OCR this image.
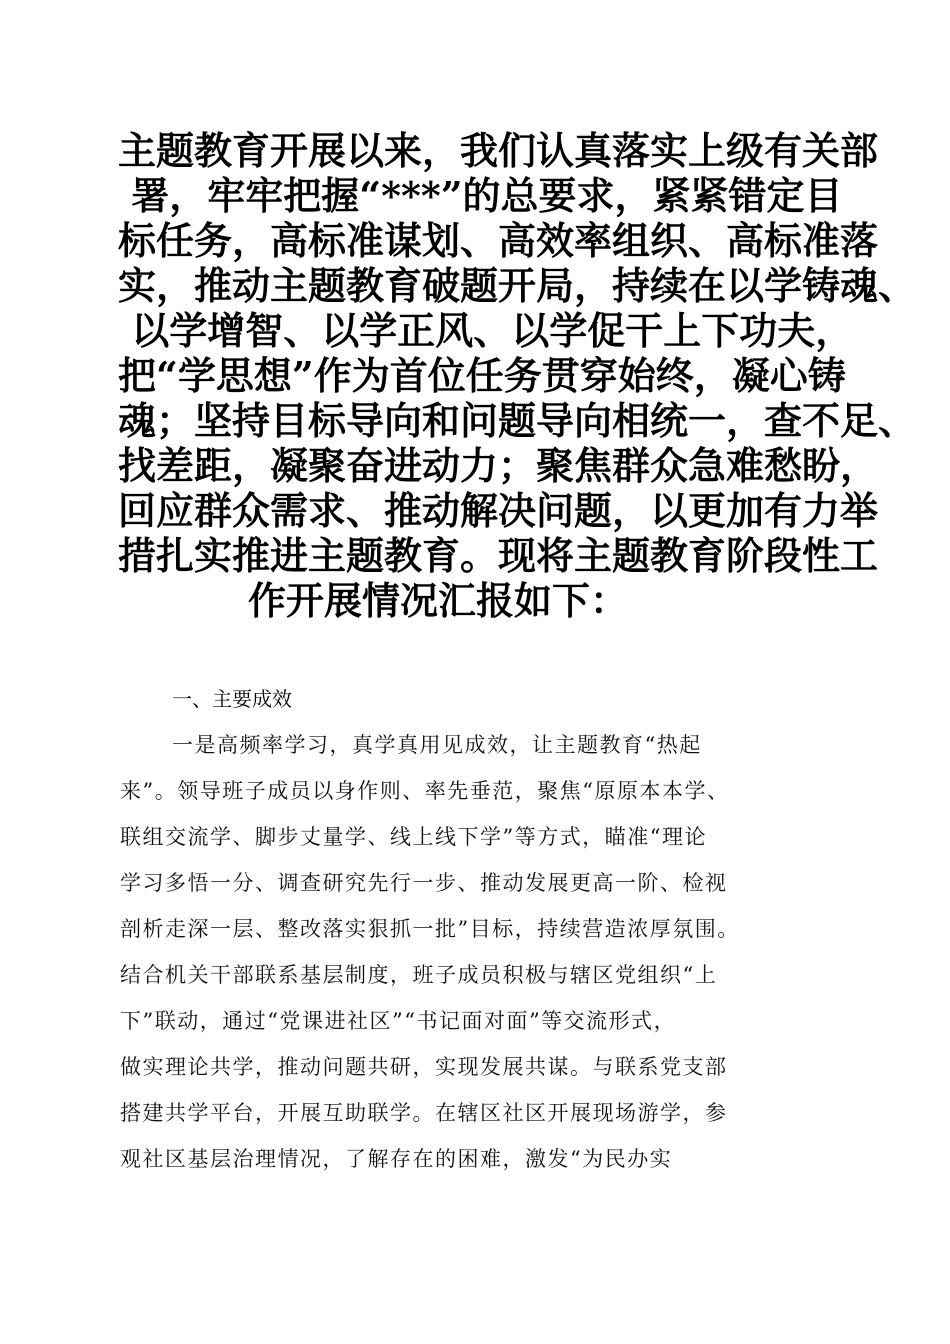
主题教育开展以来，我们认真落实上级有关部
署，牢牢把握“***”的总要求，紧紧错定目
标任务，高标准谋划、高效率组织、高标准落
实，推动主题教育破题开局，持续在以学铸魂、
以学增智、以学正风、以学促干上下功夫，
把“学思想”作为首位任务贯穿始终，凝心铸
魂；坚持目标导向和问题导向相统一，查不足、
找差距，凝聚奋进动力；聚焦群众急难愁盼，
回应群众需求、推动解决问题，以更加有力举
措扎实推进主题教育。现将主题教育阶段性工
作开展情况汇报如下：
一、主要成效
一是高频率学习，真学真用见成效，让主题教育“热起
来”。领导班子成员以身作则、率先垂范，聚焦“原原本本学、
联组交流学、脚步丈量学、线上线下学”等方式，瞄准“理论
学习多悟一分、调查研究先行一步、推动发展更高一阶、检视
剖析走深一层、整改落实狠抓一批”目标，持续营造浓厚氛围。
结合机关干部联系基层制度，班子成员积极与辖区党组织“上
下”联动，通过“党课进社区”“书记面对面”等交流形式，
做实理论共学，推动问题共研，实现发展共谋。与联系党支部
搭建共学平台，开展互助联学。在辖区社区开展现场游学，参
观社区基层治理情况，了解存在的困难，激发“为民办实
